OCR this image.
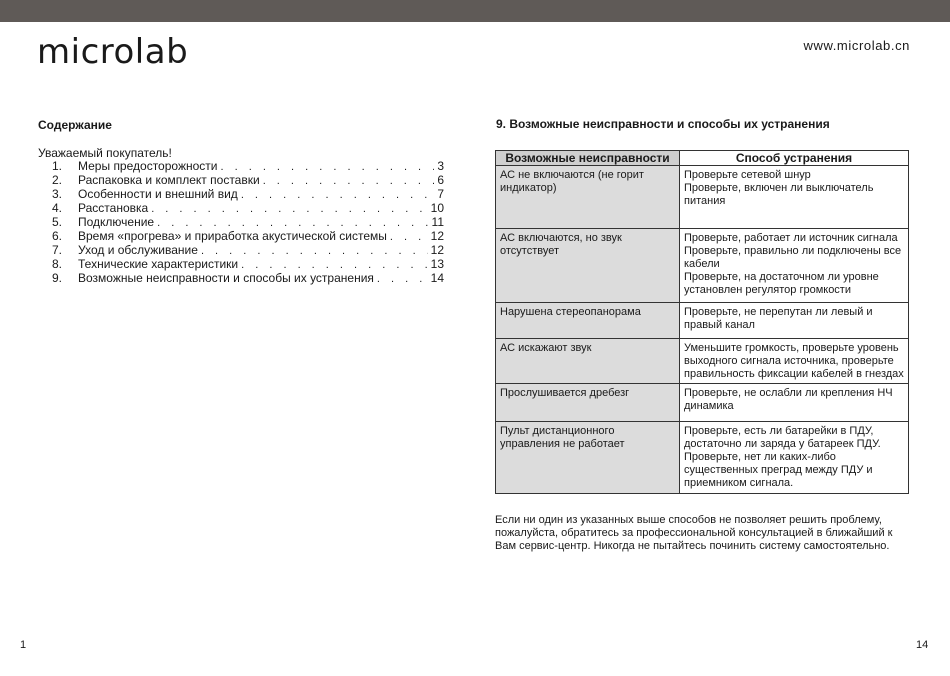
microlab	www.microlab.cn
Содержание
Уважаемый покупатель!
1.	Меры предосторожности . . .	3
2.	Распаковка и комплект поставки . . .	6
3.	Особенности и внешний вид . . .	7
4.	Расстановка . . .	10
5.	Подключение . . .	11
6.	Время «прогрева» и приработка акустической системы . . .	12
7.	Уход и обслуживание . . .	12
8.	Технические характеристики . . .	13
9.	Возможные неисправности и способы их устранения . . .	14
9. Возможные неисправности и способы их устранения
Возможные неисправности	Способ устранения
АС не включаются (не горит индикатор)	Проверьте сетевой шнур
Проверьте, включен ли выключатель питания

АС включаются, но звук отсутствует	Проверьте, работает ли источник сигнала
Проверьте, правильно ли подключены все кабели
Проверьте, на достаточном ли уровне установлен регулятор громкости

Нарушена стереопанорама	Проверьте, не перепутан ли левый и правый канал

АС искажают звук	Уменьшите громкость, проверьте уровень выходного сигнала источника, проверьте правильность фиксации кабелей в гнездах

Прослушивается дребезг	Проверьте, не ослабли ли крепления НЧ динамика

Пульт дистанционного управления не работает	Проверьте, есть ли батарейки в ПДУ, достаточно ли заряда у батареек ПДУ.
Проверьте, нет ли каких-либо существенных преград между ПДУ и приемником сигнала.
Если ни один из указанных выше способов не позволяет решить проблему, пожалуйста, обратитесь за профессиональной консультацией в ближайший к Вам сервис-центр. Никогда не пытайтесь починить систему самостоятельно.
1	14
